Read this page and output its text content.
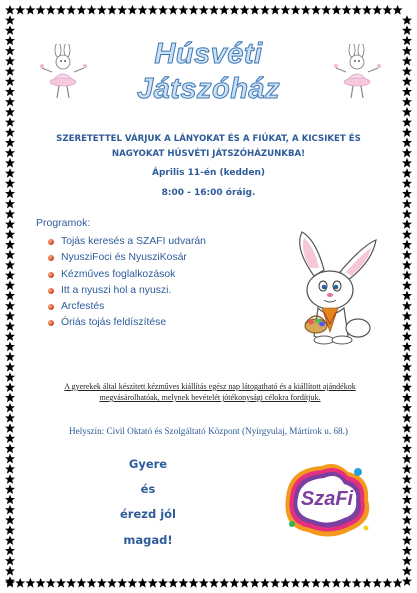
Húsvéti
Játszóház
SZERETETTEL VÁRJUK A LÁNYOKAT ÉS A FIÚKAT, A KICSIKET ÉS NAGYOKAT HÚSVÉTI JÁTSZÓHÁZUNKBA!
Április 11-én (kedden)
8:00 - 16:00 óráig.
Programok:
Tojás keresés a SZAFI udvarán
NyusziFoci és NyusziKosár
Kézműves foglalkozások
Itt a nyuszi hol a nyuszi.
Arcfestés
Óriás tojás feldíszítése
A gyerekek által készített kézműves kiállítás egész nap látogatható és a kiállított ajándékok megvásárolhatóak, melynek bevételét jótékonysági célokra fordítjuk.
Helyszín: Civil Oktató és Szolgáltató Központ (Nyírgyulaj, Mártírok u. 68.)
Gyere
és
érezd jól
magad!
SzaFi
